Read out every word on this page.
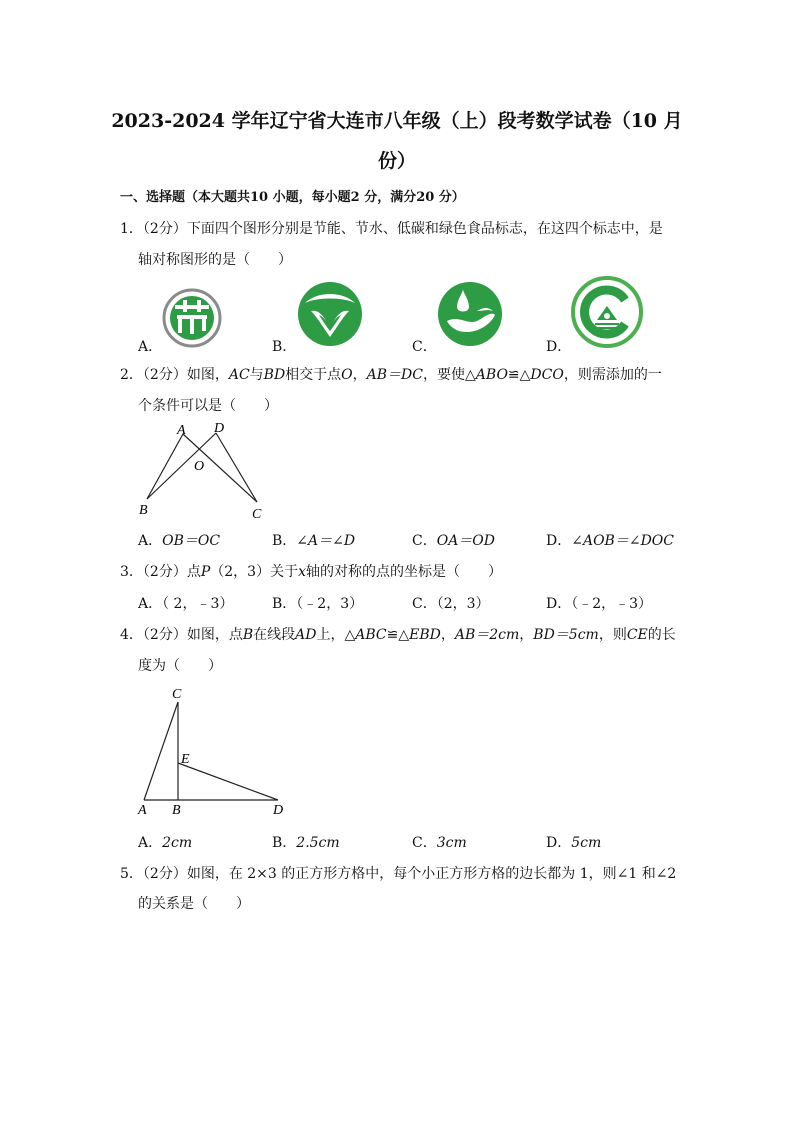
2023-2024 学年辽宁省大连市八年级（上）段考数学试卷（10 月
份）
一、选择题（本大题共10 小题，每小题2 分，满分20 分）
1．（2分）下面四个图形分别是节能、节水、低碳和绿色食品标志，在这四个标志中，是
轴对称图形的是（　　）
A．	B．	C．	D．
2．（2分）如图，AC与BD相交于点O，AB＝DC，要使△ABO≌△DCO，则需添加的一
个条件可以是（　　）
A D
O
B	C
A．OB＝OC	B．∠A＝∠D	C．OA＝OD	D．∠AOB＝∠DOC
3．（2分）点P（2，3）关于x轴的对称的点的坐标是（　　）
A．（ 2，﹣3）	B．（﹣2，3）	C．（2，3）	D．（﹣2，﹣3）
4．（2分）如图，点B在线段AD上，△ABC≌△EBD，AB＝2cm，BD＝5cm，则CE的长
度为（　　）
C
E
A B	D
A．2cm	B．2.5cm	C．3cm	D．5cm
5．（2分）如图，在 2×3 的正方形方格中，每个小正方形方格的边长都为 1，则∠1 和∠2
的关系是（　　）
